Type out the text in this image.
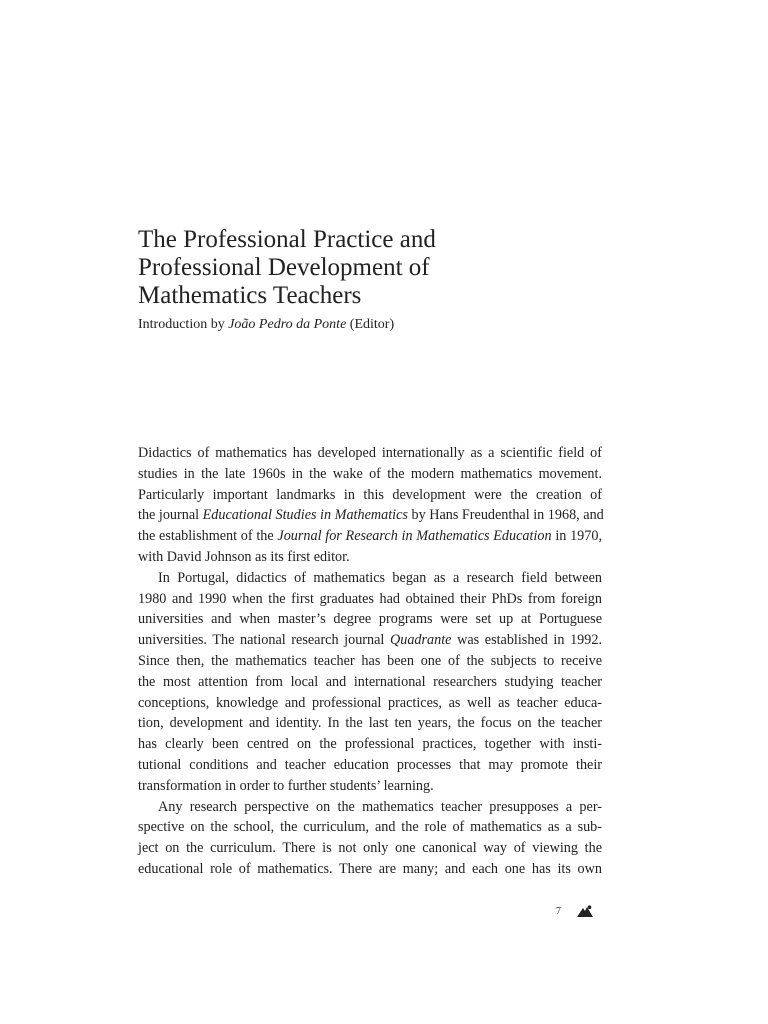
The Professional Practice and
Professional Development of
Mathematics Teachers
Introduction by João Pedro da Ponte (Editor)
Didactics of mathematics has developed internationally as a scientific field of
studies in the late 1960s in the wake of the modern mathematics movement.
Particularly important landmarks in this development were the creation of
the journal Educational Studies in Mathematics by Hans Freudenthal in 1968, and
the establishment of the Journal for Research in Mathematics Education in 1970,
with David Johnson as its first editor.
In Portugal, didactics of mathematics began as a research field between
1980 and 1990 when the first graduates had obtained their PhDs from foreign
universities and when master’s degree programs were set up at Portuguese
universities. The national research journal Quadrante was established in 1992.
Since then, the mathematics teacher has been one of the subjects to receive
the most attention from local and international researchers studying teacher
conceptions, knowledge and professional practices, as well as teacher educa-
tion, development and identity. In the last ten years, the focus on the teacher
has clearly been centred on the professional practices, together with insti-
tutional conditions and teacher education processes that may promote their
transformation in order to further students’ learning.
Any research perspective on the mathematics teacher presupposes a per-
spective on the school, the curriculum, and the role of mathematics as a sub-
ject on the curriculum. There is not only one canonical way of viewing the
educational role of mathematics. There are many; and each one has its own
7
